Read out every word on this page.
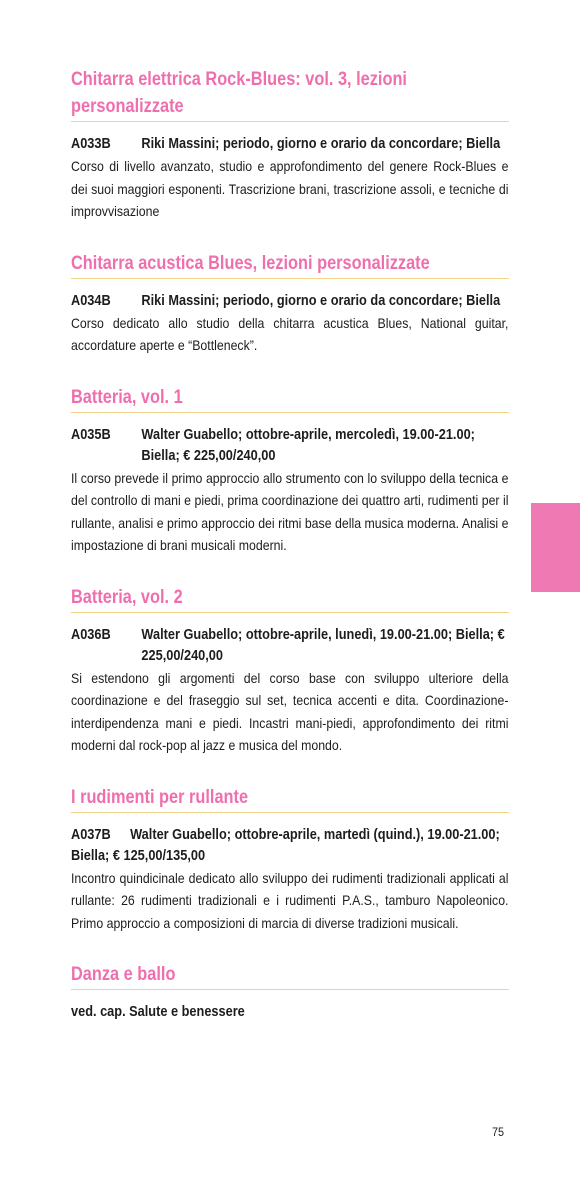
Chitarra elettrica Rock-Blues: vol. 3, lezioni personalizzate
A033B	Riki Massini; periodo, giorno e orario da concordare; Biella
Corso di livello avanzato, studio e approfondimento del genere Rock-Blues e dei suoi maggiori esponenti. Trascrizione brani, trascrizione assoli, e tecniche di improvvisazione
Chitarra acustica Blues, lezioni personalizzate
A034B	Riki Massini; periodo, giorno e orario da concordare; Biella
Corso dedicato allo studio della chitarra acustica Blues, National guitar, accordature aperte e “Bottleneck”.
Batteria, vol. 1
A035B	Walter Guabello; ottobre-aprile, mercoledì, 19.00-21.00; Biella; € 225,00/240,00
Il corso prevede il primo approccio allo strumento con lo sviluppo della tecnica e del controllo di mani e piedi, prima coordinazione dei quattro arti, rudimenti per il rullante, analisi e primo approccio dei ritmi base della musica moderna. Analisi e impostazione di brani musicali moderni.
Batteria, vol. 2
A036B	Walter Guabello; ottobre-aprile, lunedì, 19.00-21.00; Biella; € 225,00/240,00
Si estendono gli argomenti del corso base con sviluppo ulteriore della coordinazione e del fraseggio sul set, tecnica accenti e dita. Coordinazione-interdipendenza mani e piedi. Incastri mani-piedi, approfondimento dei ritmi moderni dal rock-pop al jazz e musica del mondo.
I rudimenti per rullante
A037B Walter Guabello; ottobre-aprile, martedì (quind.), 19.00-21.00; Biella; € 125,00/135,00
Incontro quindicinale dedicato allo sviluppo dei rudimenti tradizionali applicati al rullante: 26 rudimenti tradizionali e i rudimenti P.A.S., tamburo Napoleonico. Primo approccio a composizioni di marcia di diverse tradizioni musicali.
Danza e ballo
ved. cap. Salute e benessere
75
